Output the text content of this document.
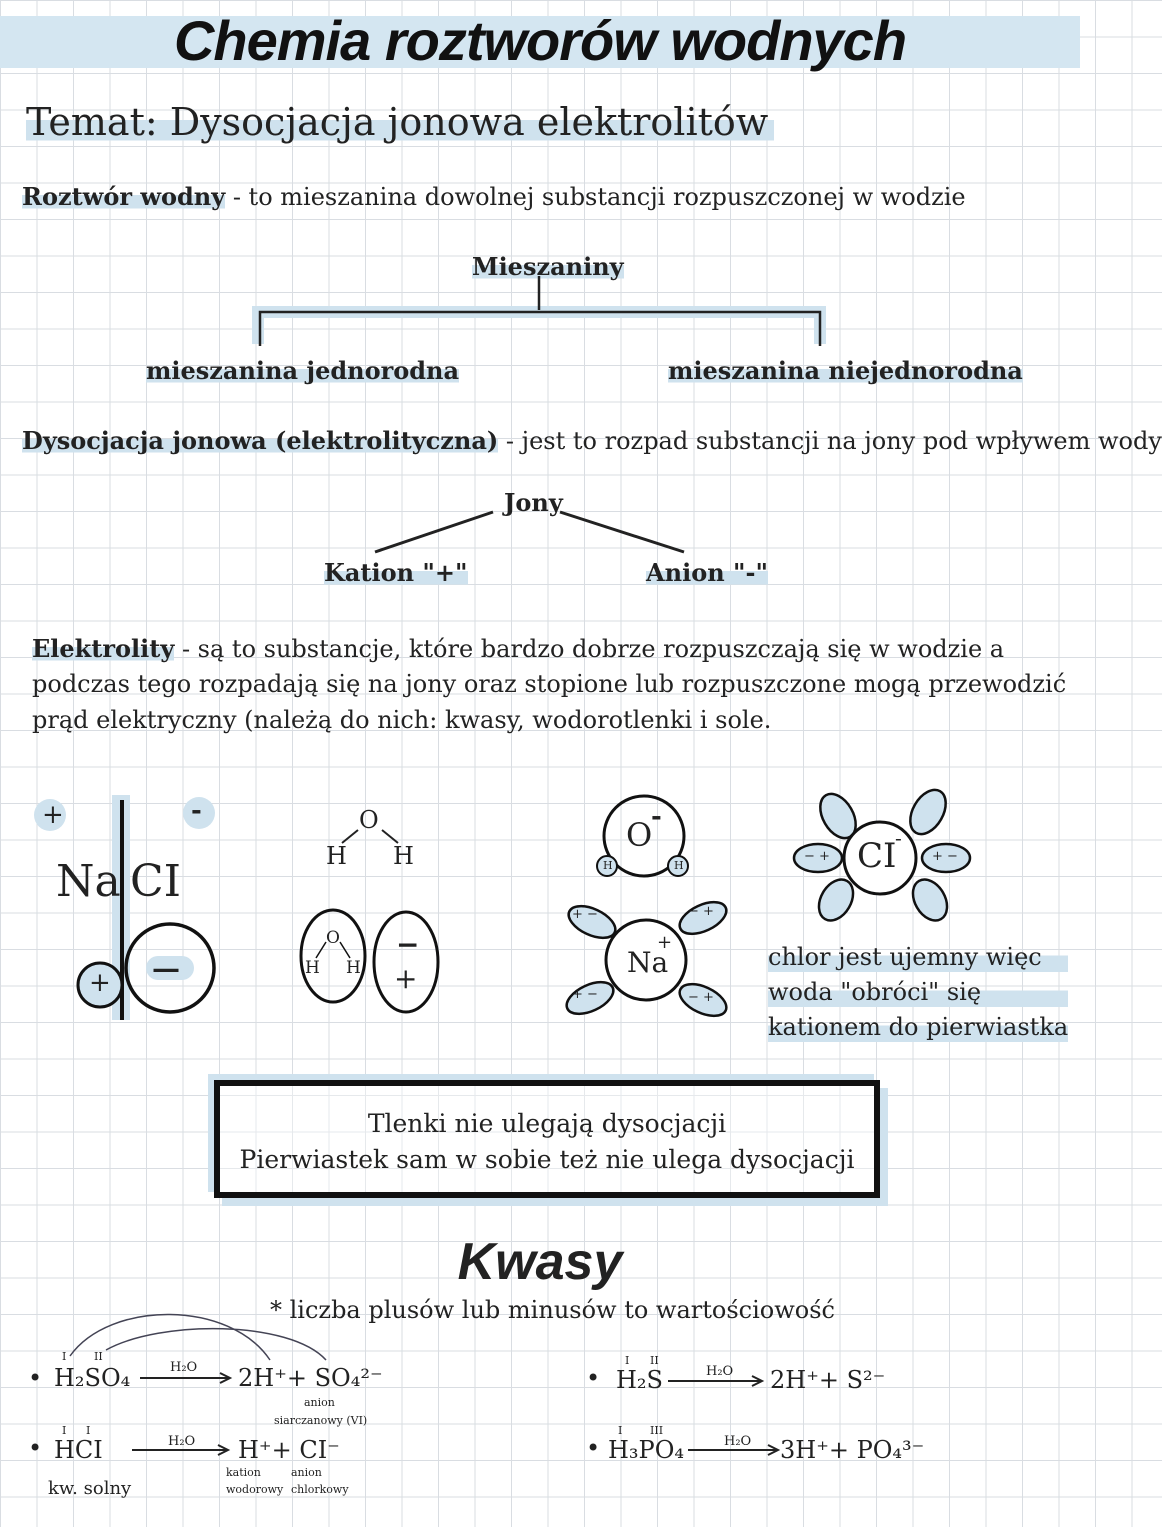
Chemia roztworów wodnych
Temat: Dysocjacja jonowa elektrolitów
Roztwór wodny - to mieszanina dowolnej substancji rozpuszczonej w wodzie
Mieszaniny
mieszanina jednorodna	mieszanina niejednorodna
Dysocjacja jonowa (elektrolityczna) - jest to rozpad substancji na jony pod wpływem wody
Jony
Kation "+"	Anion "-"
Elektrolity - są to substancje, które bardzo dobrze rozpuszczają się w wodzie a
podczas tego rozpadają się na jony oraz stopione lub rozpuszczone mogą przewodzić
prąd elektryczny (należą do nich: kwasy, wodorotlenki i sole.
+	-
Na CI
+ —
O
H H
O
H H
−
+
O
-
H	H
Na
+
+ −	− +
+ −	− +
CI
-
− +	+ −
chlor jest ujemny więc
woda "obróci" się
kationem do pierwiastka
Tlenki nie ulegają dysocjacji
Pierwiastek sam w sobie też nie ulega dysocjacji
Kwasy
* liczba plusów lub minusów to wartościowość
•
I	II
H₂SO₄	H₂O 2H⁺+ SO₄²⁻
anion
siarczanowy (VI)
•
I I
HCI	H₂O H⁺+ CI⁻
kw. solny
kation
wodorowy
anion
chlorkowy
•
I II
H₂S	H₂O 2H⁺+ S²⁻
•
I	III
H₃PO₄	H₂O 3H⁺+ PO₄³⁻
